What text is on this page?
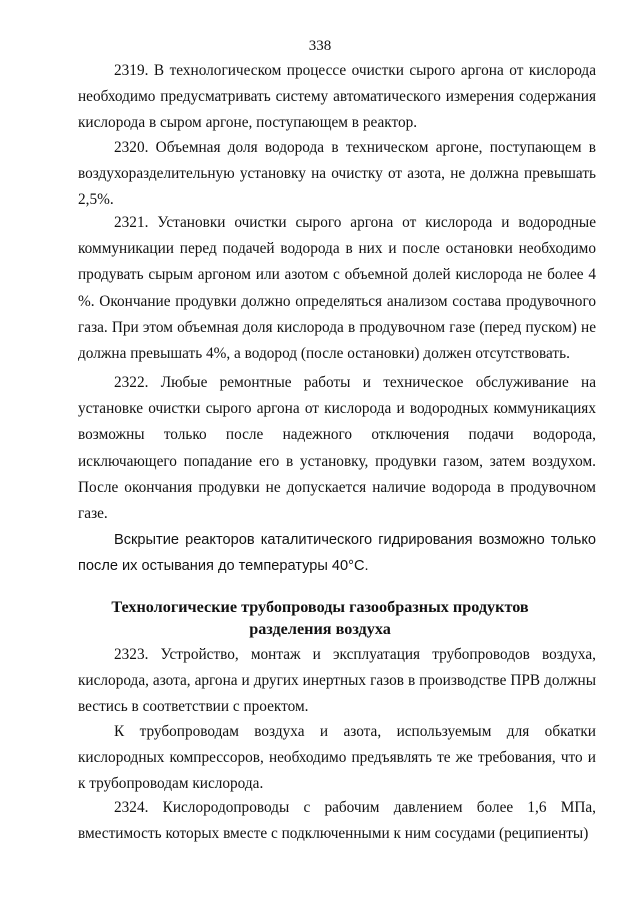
338

2319. В технологическом процессе очистки сырого аргона от кислорода необходимо предусматривать систему автоматического измерения содержания кислорода в сыром аргоне, поступающем в реактор.

2320. Объемная доля водорода в техническом аргоне, поступающем в воздухоразделительную установку на очистку от азота, не должна превышать 2,5%.

2321. Установки очистки сырого аргона от кислорода и водородные коммуникации перед подачей водорода в них и после остановки необходимо продувать сырым аргоном или азотом с объемной долей кислорода не более 4 %. Окончание продувки должно определяться анализом состава продувочного газа. При этом объемная доля кислорода в продувочном газе (перед пуском) не должна превышать 4%, а водород (после остановки) должен отсутствовать.

2322. Любые ремонтные работы и техническое обслуживание на установке очистки сырого аргона от кислорода и водородных коммуникациях возможны только после надежного отключения подачи водорода, исключающего попадание его в установку, продувки газом, затем воздухом. После окончания продувки не допускается наличие водорода в продувочном газе.

Вскрытие реакторов каталитического гидрирования возможно только после их остывания до температуры 40°С.

Технологические трубопроводы газообразных продуктов
разделения воздуха

2323. Устройство, монтаж и эксплуатация трубопроводов воздуха, кислорода, азота, аргона и других инертных газов в производстве ПРВ должны вестись в соответствии с проектом.

К трубопроводам воздуха и азота, используемым для обкатки кислородных компрессоров, необходимо предъявлять те же требования, что и к трубопроводам кислорода.

2324. Кислородопроводы с рабочим давлением более 1,6 МПа, вместимость которых вместе с подключенными к ним сосудами (реципиенты)
